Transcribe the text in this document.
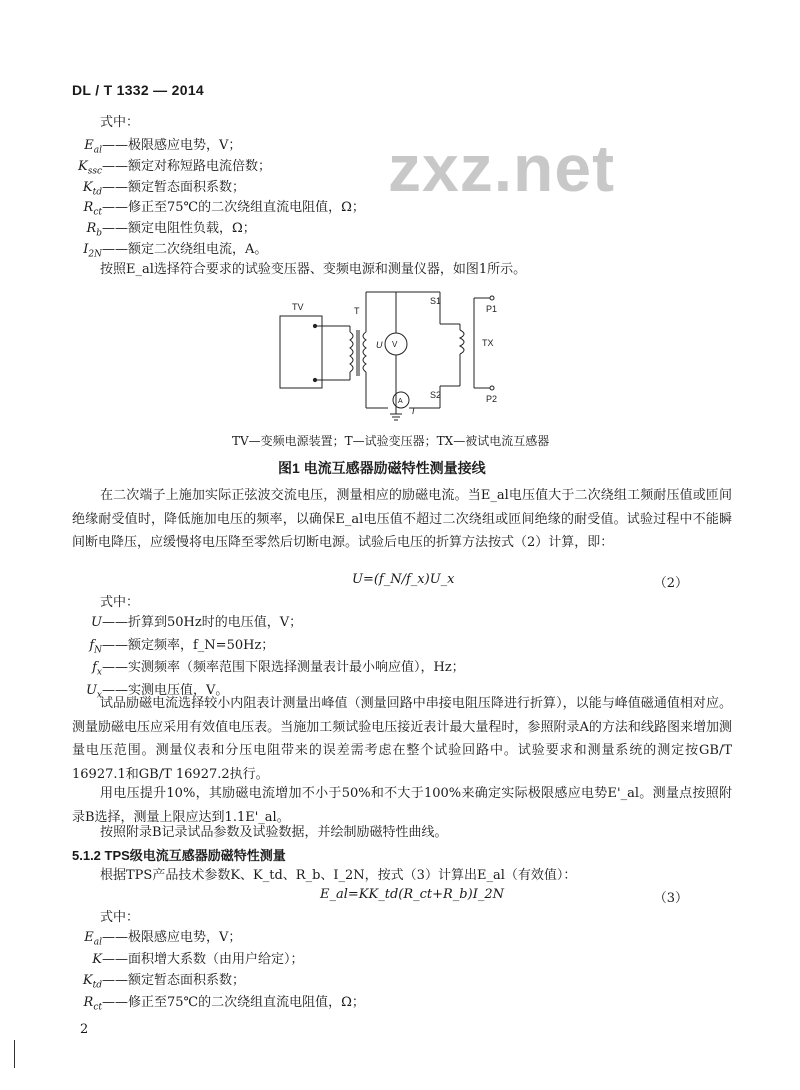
DL / T 1332 — 2014
zxz.net
式中：
$E_{al}——$极限感应电势，V；
$K_{ssc}——$额定对称短路电流倍数；
$K_{td}——$额定暂态面积系数；
$R_{ct}——$修正至75℃的二次绕组直流电阻值，Ω；
$R_b——$额定电阻性负载，Ω；
$I_{2N}——$额定二次绕组电流，A。
按照E_al选择符合要求的试验变压器、变频电源和测量仪器，如图1所示。
TV	T
S1
S2
P1
P2
TX
U V
A
I
TV—变频电源装置；T—试验变压器；TX—被试电流互感器
图1 电流互感器励磁特性测量接线
在二次端子上施加实际正弦波交流电压，测量相应的励磁电流。当E_al电压值大于二次绕组工频耐压值或匝间绝缘耐受值时，降低施加电压的频率，以确保E_al电压值不超过二次绕组或匝间绝缘的耐受值。试验过程中不能瞬间断电降压，应缓慢将电压降至零然后切断电源。试验后电压的折算方法按式（2）计算，即：
U=(f_N/f_x)U_x	（2）
式中：
U——折算到50Hz时的电压值，V；
$f_N——$额定频率，f_N=50Hz；
$f_x——$实测频率（频率范围下限选择测量表计最小响应值），Hz；
$U_x——$实测电压值，V。
试品励磁电流选择较小内阻表计测量出峰值（测量回路中串接电阻压降进行折算），以能与峰值磁通值相对应。测量励磁电压应采用有效值电压表。当施加工频试验电压接近表计最大量程时，参照附录A的方法和线路图来增加测量电压范围。测量仪表和分压电阻带来的误差需考虑在整个试验回路中。试验要求和测量系统的测定按GB/T 16927.1和GB/T 16927.2执行。
用电压提升10%，其励磁电流增加不小于50%和不大于100%来确定实际极限感应电势E'_al。测量点按照附录B选择，测量上限应达到1.1E'_al。
按照附录B记录试品参数及试验数据，并绘制励磁特性曲线。
5.1.2 TPS级电流互感器励磁特性测量
根据TPS产品技术参数K、K_td、R_b、I_2N，按式（3）计算出E_al（有效值）：
E_al=KK_td(R_ct+R_b)I_2N	（3）
式中：
$E_{al}——$极限感应电势，V；
K——面积增大系数（由用户给定）；
$K_{td}——$额定暂态面积系数；
$R_{ct}——$修正至75℃的二次绕组直流电阻值，Ω；
2
